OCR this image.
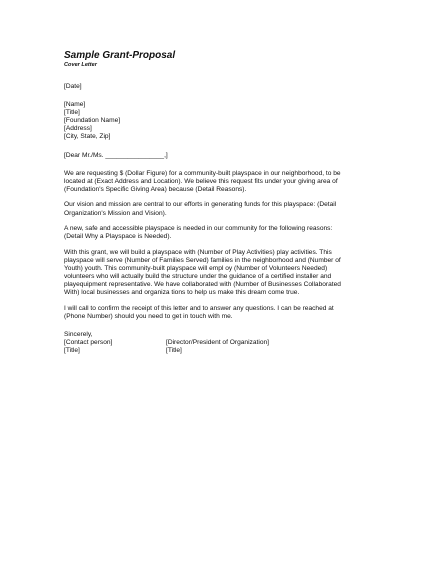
Sample Grant-Proposal

Cover Letter

[Date]
[Name]
[Title]
[Foundation Name]
[Address]
[City, State, Zip]
[Dear Mr./Ms. ________________,]
We are requesting $ (Dollar Figure) for a community-built playspace in our neighborhood, to be
located at (Exact Address and Location). We believe this request fits under your giving area of
(Foundation's Specific Giving Area) because (Detail Reasons).
Our vision and mission are central to our efforts in generating funds for this playspace: (Detail
Organization's Mission and Vision).
A new, safe and accessible playspace is needed in our community for the following reasons:
(Detail Why a Playspace is Needed).
With this grant, we will build a playspace with (Number of Play Activities) play activities. This
playspace will serve (Number of Families Served) families in the neighborhood and (Number of
Youth) youth. This community-built playspace will empl oy (Number of Volunteers Needed)
volunteers who will actually build the structure under the guidance of a certified installer and
playequipment representative. We have collaborated with (Number of Businesses Collaborated
With) local businesses and organiza tions to help us make this dream come true.
I will call to confirm the receipt of this letter and to answer any questions. I can be reached at
(Phone Number) should you need to get in touch with me.
Sincerely,
[Contact person]
[Title]
[Director/President of Organization]
[Title]
